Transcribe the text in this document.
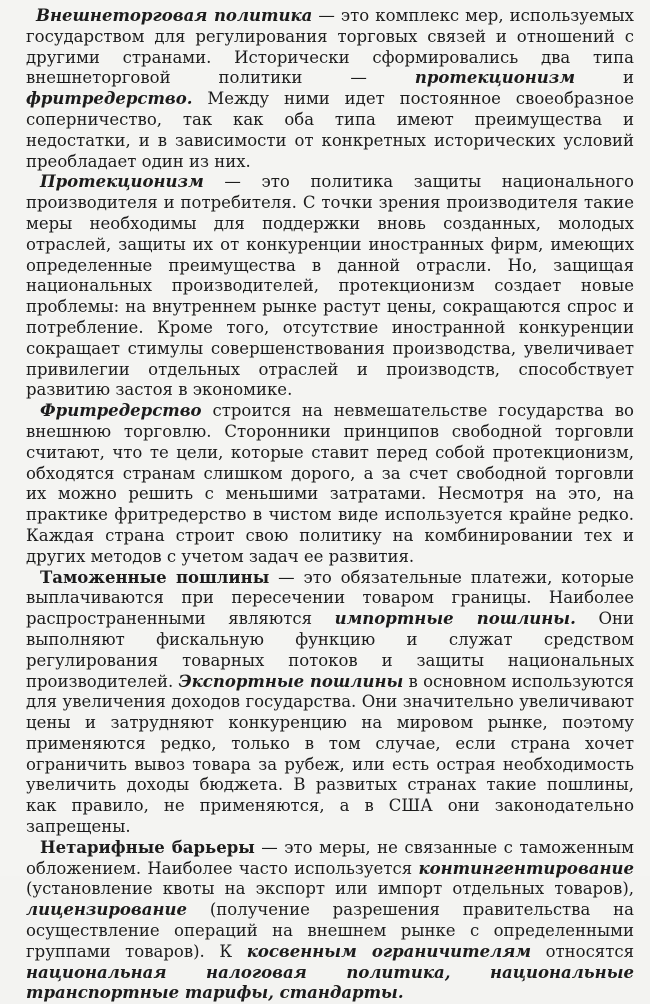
Внешнеторговая политика — это комплекс мер, используемых государством для регулирования торговых связей и отношений с другими странами. Исторически сформировались два типа внешнеторговой политики — протекционизм и фритредерство. Между ними идет постоянное своеобразное соперничество, так как оба типа имеют преимущества и недостатки, и в зависимости от конкретных исторических условий преобладает один из них.

Протекционизм — это политика защиты национального производителя и потребителя. С точки зрения производителя такие меры необходимы для поддержки вновь созданных, молодых отраслей, защиты их от конкуренции иностранных фирм, имеющих определенные преимущества в данной отрасли. Но, защищая национальных производителей, протекционизм создает новые проблемы: на внутреннем рынке растут цены, сокращаются спрос и потребление. Кроме того, отсутствие иностранной конкуренции сокращает стимулы совершенствования производства, увеличивает привилегии отдельных отраслей и производств, способствует развитию застоя в экономике.

Фритредерство строится на невмешательстве государства во внешнюю торговлю. Сторонники принципов свободной торговли считают, что те цели, которые ставит перед собой протекционизм, обходятся странам слишком дорого, а за счет свободной торговли их можно решить с меньшими затратами. Несмотря на это, на практике фритредерство в чистом виде используется крайне редко. Каждая страна строит свою политику на комбинировании тех и других методов с учетом задач ее развития.

Таможенные пошлины — это обязательные платежи, которые выплачиваются при пересечении товаром границы. Наиболее распространенными являются импортные пошлины. Они выполняют фискальную функцию и служат средством регулирования товарных потоков и защиты национальных производителей. Экспортные пошлины в основном используются для увеличения доходов государства. Они значительно увеличивают цены и затрудняют конкуренцию на мировом рынке, поэтому применяются редко, только в том случае, если страна хочет ограничить вывоз товара за рубеж, или есть острая необходимость увеличить доходы бюджета. В развитых странах такие пошлины, как правило, не применяются, а в США они законодательно запрещены.

Нетарифные барьеры — это меры, не связанные с таможенным обложением. Наиболее часто используется контингентирование (установление квоты на экспорт или импорт отдельных товаров), лицензирование (получение разрешения правительства на осуществление операций на внешнем рынке с определенными группами товаров). К косвенным ограничителям относятся национальная налоговая политика, национальные транспортные тарифы, стандарты.
